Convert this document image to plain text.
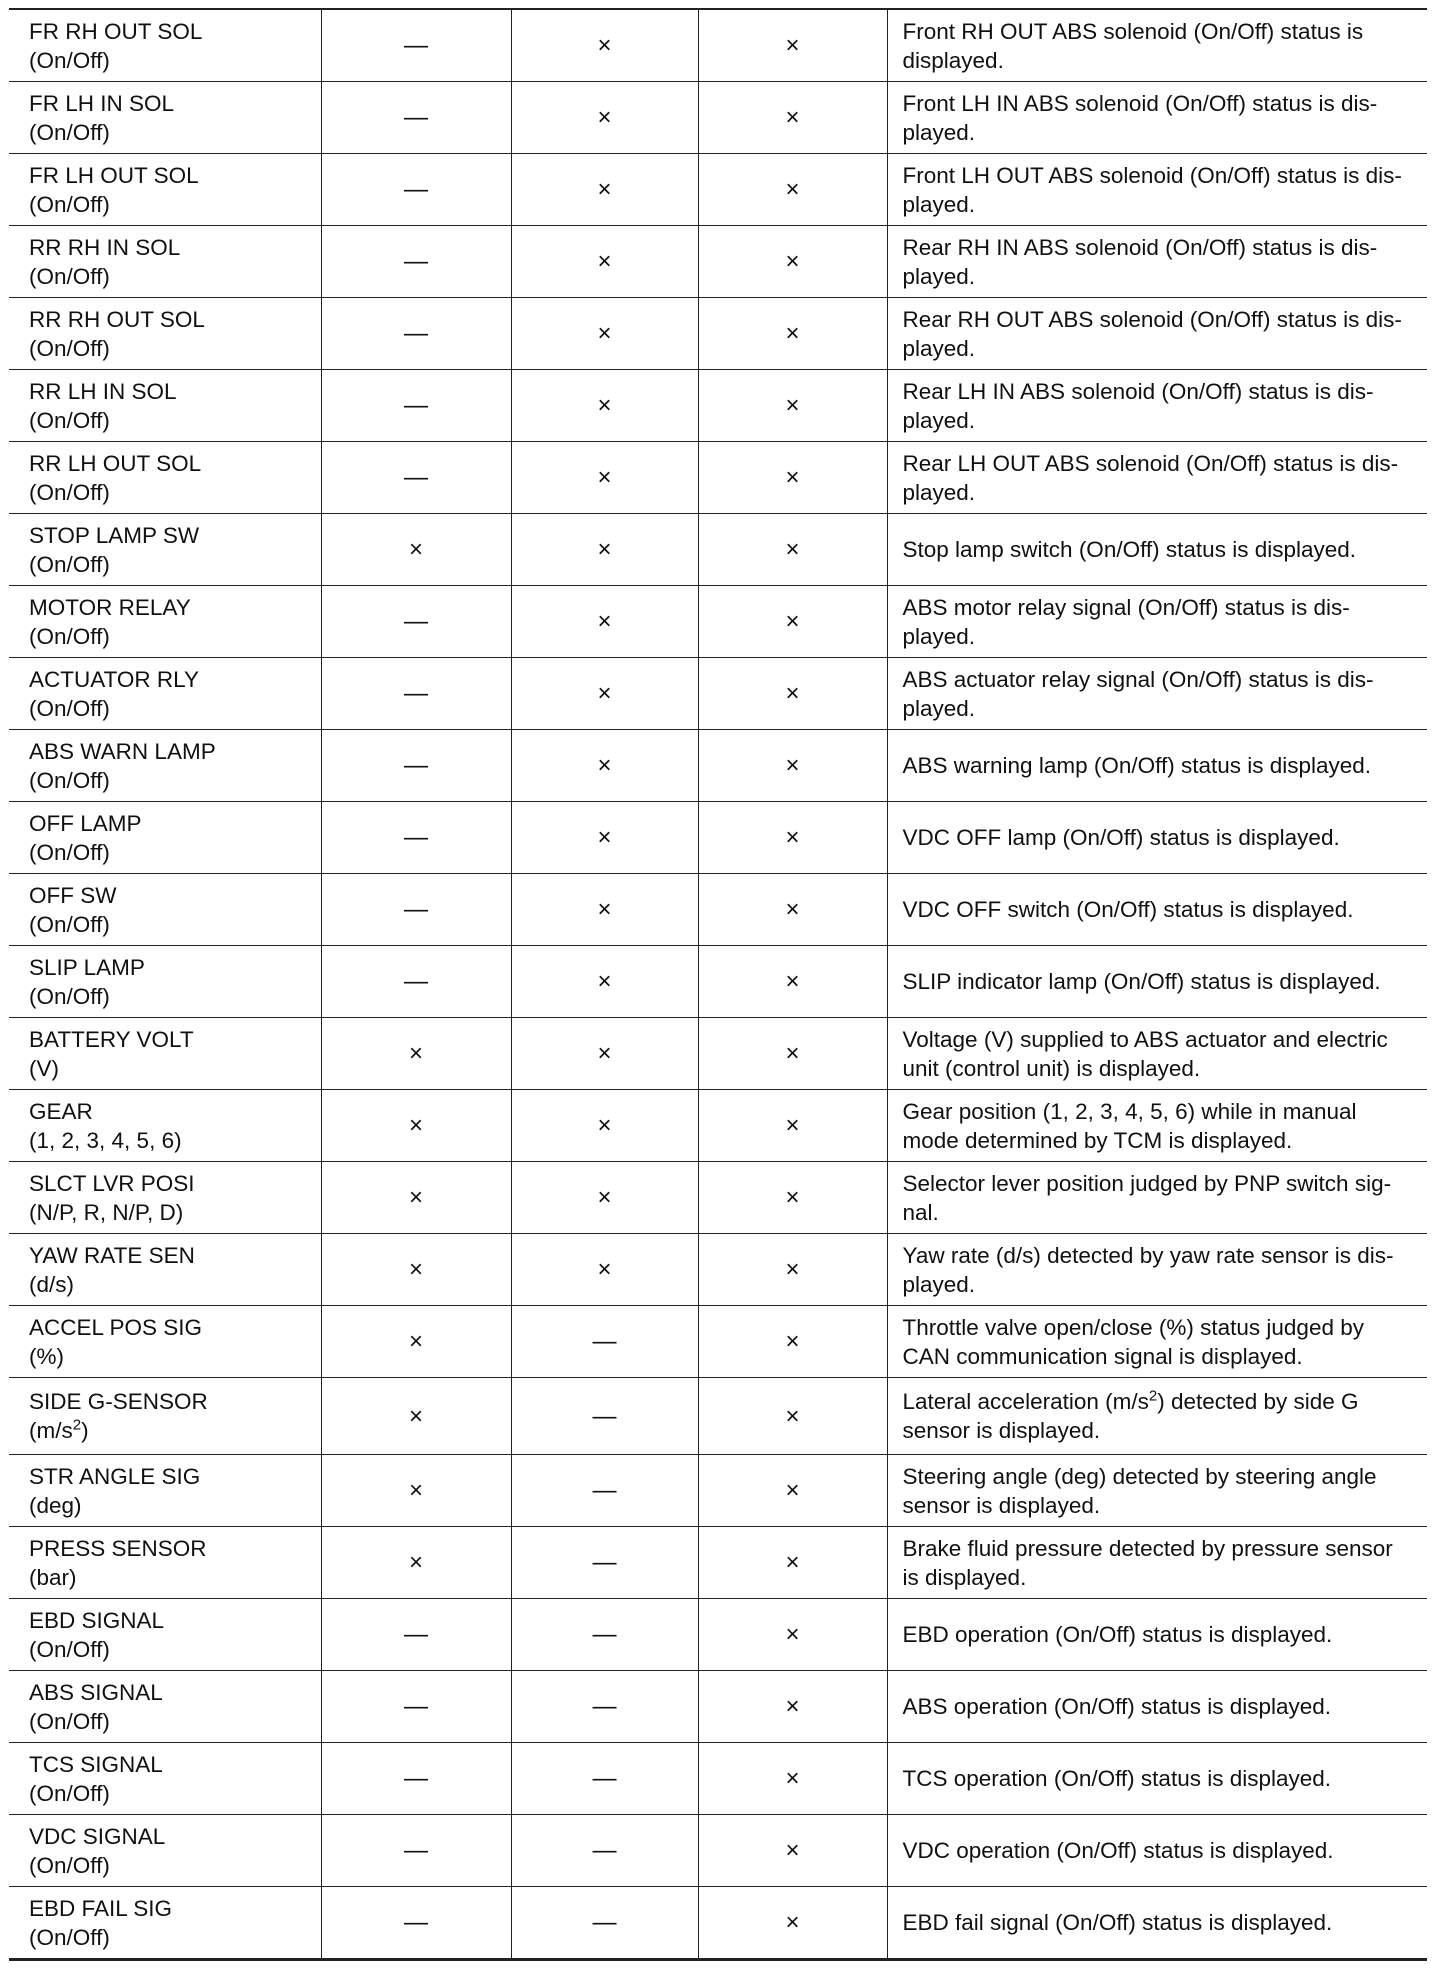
FR RH OUT SOL
(On/Off)	—	×	×	Front RH OUT ABS solenoid (On/Off) status is
displayed.

FR LH IN SOL
(On/Off)	—	×	×	Front LH IN ABS solenoid (On/Off) status is dis-
played.

FR LH OUT SOL
(On/Off)	—	×	×	Front LH OUT ABS solenoid (On/Off) status is dis-
played.

RR RH IN SOL
(On/Off)	—	×	×	Rear RH IN ABS solenoid (On/Off) status is dis-
played.

RR RH OUT SOL
(On/Off)	—	×	×	Rear RH OUT ABS solenoid (On/Off) status is dis-
played.

RR LH IN SOL
(On/Off)	—	×	×	Rear LH IN ABS solenoid (On/Off) status is dis-
played.

RR LH OUT SOL
(On/Off)	—	×	×	Rear LH OUT ABS solenoid (On/Off) status is dis-
played.

STOP LAMP SW
(On/Off)	×	×	×	Stop lamp switch (On/Off) status is displayed.

MOTOR RELAY
(On/Off)	—	×	×	ABS motor relay signal (On/Off) status is dis-
played.

ACTUATOR RLY
(On/Off)	—	×	×	ABS actuator relay signal (On/Off) status is dis-
played.

ABS WARN LAMP
(On/Off)	—	×	×	ABS warning lamp (On/Off) status is displayed.

OFF LAMP
(On/Off)	—	×	×	VDC OFF lamp (On/Off) status is displayed.

OFF SW
(On/Off)	—	×	×	VDC OFF switch (On/Off) status is displayed.

SLIP LAMP
(On/Off)	—	×	×	SLIP indicator lamp (On/Off) status is displayed.

BATTERY VOLT
(V)	×	×	×	Voltage (V) supplied to ABS actuator and electric
unit (control unit) is displayed.

GEAR
(1, 2, 3, 4, 5, 6)	×	×	×	Gear position (1, 2, 3, 4, 5, 6) while in manual
mode determined by TCM is displayed.

SLCT LVR POSI
(N/P, R, N/P, D)	×	×	×	Selector lever position judged by PNP switch sig-
nal.

YAW RATE SEN
(d/s)	×	×	×	Yaw rate (d/s) detected by yaw rate sensor is dis-
played.

ACCEL POS SIG
(%)	×	—	×	Throttle valve open/close (%) status judged by
CAN communication signal is displayed.

SIDE G-SENSOR
$(m/s^2)$	×	—	×	Lateral acceleration $(m/s^2)$ detected by side G
sensor is displayed.

STR ANGLE SIG
(deg)	×	—	×	Steering angle (deg) detected by steering angle
sensor is displayed.

PRESS SENSOR
(bar)	×	—	×	Brake fluid pressure detected by pressure sensor
is displayed.

EBD SIGNAL
(On/Off)	—	—	×	EBD operation (On/Off) status is displayed.

ABS SIGNAL
(On/Off)	—	—	×	ABS operation (On/Off) status is displayed.

TCS SIGNAL
(On/Off)	—	—	×	TCS operation (On/Off) status is displayed.

VDC SIGNAL
(On/Off)	—	—	×	VDC operation (On/Off) status is displayed.

EBD FAIL SIG
(On/Off)	—	—	×	EBD fail signal (On/Off) status is displayed.
